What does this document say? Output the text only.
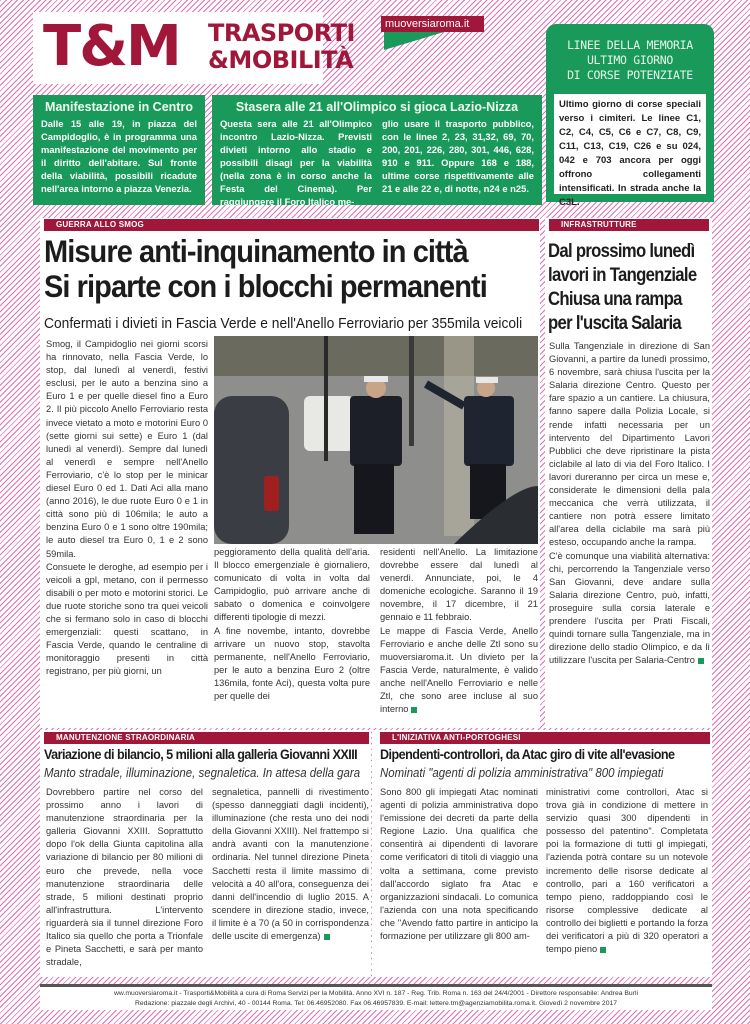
T&M TRASPORTI
&MOBILITÀ
muoversiaroma.it
LINEE DELLA MEMORIA
ULTIMO GIORNO
DI CORSE POTENZIATE
Ultimo giorno di corse speciali verso i cimiteri. Le linee C1, C2, C4, C5, C6 e C7, C8, C9, C11, C13, C19, C26 e su 024, 042 e 703 ancora per oggi offrono collegamenti intensificati. In strada anche la C3L.
Manifestazione in Centro
Dalle 15 alle 19, in piazza del Campidoglio, è in programma una manifestazione del movimento per il diritto dell'abitare. Sul fronte della viabilità, possibili ricadute nell'area intorno a piazza Venezia.
Stasera alle 21 all'Olimpico si gioca Lazio-Nizza
Questa sera alle 21 all'Olimpico incontro Lazio-Nizza. Previsti divieti intorno allo stadio e possibili disagi per la viabilità (nella zona è in corso anche la Festa del Cinema). Per raggiungere il Foro Italico me-
glio usare il trasporto pubblico, con le linee 2, 23, 31,32, 69, 70, 200, 201, 226, 280, 301, 446, 628, 910 e 911. Oppure 168 e 188, ultime corse rispettivamente alle 21 e alle 22 e, di notte, n24 e n25.
GUERRA ALLO SMOG
Misure anti-inquinamento in città
Si riparte con i blocchi permanenti
Confermati i divieti in Fascia Verde e nell'Anello Ferroviario per 355mila veicoli

Smog, il Campidoglio nei giorni scorsi ha rinnovato, nella Fascia Verde, lo stop, dal lunedì al venerdì, festivi esclusi, per le auto a benzina sino a Euro 1 e per quelle diesel fino a Euro 2. Il più piccolo Anello Ferroviario resta invece vietato a moto e motorini Euro 0 (sette giorni sui sette) e Euro 1 (dal lunedì al venerdì). Sempre dal lunedì al venerdì e sempre nell'Anello Ferroviario, c'è lo stop per le minicar diesel Euro 0 ed 1. Dati Aci alla mano (anno 2016), le due ruote Euro 0 e 1 in città sono più di 106mila; le auto a benzina Euro 0 e 1 sono oltre 190mila; le auto diesel tra Euro 0, 1 e 2 sono 59mila.

Consuete le deroghe, ad esempio per i veicoli a gpl, metano, con il permesso disabili o per moto e motorini storici. Le due ruote storiche sono tra quei veicoli che si fermano solo in caso di blocchi emergenziali: questi scattano, in Fascia Verde, quando le centraline di monitoraggio presenti in città registrano, per più giorni, un

peggioramento della qualità dell'aria. Il blocco emergenziale è giornaliero, comunicato di volta in volta dal Campidoglio, può arrivare anche di sabato o domenica e coinvolgere differenti tipologie di mezzi.

A fine novembe, intanto, dovrebbe arrivare un nuovo stop, stavolta permanente, nell'Anello Ferroviario, per le auto a benzina Euro 2 (oltre 136mila, fonte Aci), questa volta pure per quelle dei

residenti nell'Anello. La limitazione dovrebbe essere dal lunedì al venerdì. Annunciate, poi, le 4 domeniche ecologiche. Saranno il 19 novembre, il 17 dicembre, il 21 gennaio e 11 febbraio.

Le mappe di Fascia Verde, Anello Ferroviario e anche delle Ztl sono su muoversiaroma.it. Un divieto per la Fascia Verde, naturalmente, è valido anche nell'Anello Ferroviario e nelle Ztl, che sono aree incluse al suo interno

INFRASTRUTTURE
Dal prossimo lunedì
lavori in Tangenziale
Chiusa una rampa
per l'uscita Salaria

Sulla Tangenziale in direzione di San Giovanni, a partire da lunedì prossimo, 6 novembre, sarà chiusa l'uscita per la Salaria direzione Centro. Questo per fare spazio a un cantiere. La chiusura, fanno sapere dalla Polizia Locale, si rende infatti necessaria per un intervento del Dipartimento Lavori Pubblici che deve ripristinare la pista ciclabile al lato di via del Foro Italico. I lavori dureranno per circa un mese e, considerate le dimensioni della pala meccanica che verrà utilizzata, il cantiere non potrà essere limitato all'area della ciclabile ma sarà più esteso, occupando anche la rampa.

C'è comunque una viabilità alternativa: chi, percorrendo la Tangenziale verso San Giovanni, deve andare sulla Salaria direzione Centro, può, infatti, proseguire sulla corsia laterale e prendere l'uscita per Prati Fiscali, quindi tornare sulla Tangenziale, ma in direzione dello stadio Olimpico, e da lì utilizzare l'uscita per Salaria-Centro

MANUTENZIONE STRAORDINARIA
Variazione di bilancio, 5 milioni alla galleria Giovanni XXIII
Manto stradale, illuminazione, segnaletica. In attesa della gara
Dovrebbero partire nel corso del prossimo anno i lavori di manutenzione straordinaria per la galleria Giovanni XXIII. Soprattutto dopo l'ok della Giunta capitolina alla variazione di bilancio per 80 milioni di euro che prevede, nella voce manutenzione straordinaria delle strade, 5 milioni destinati proprio all'infrastruttura. L'intervento riguarderà sia il tunnel direzione Foro Italico sia quello che porta a Trionfale e Pineta Sacchetti, e sarà per manto stradale,
segnaletica, pannelli di rivestimento (spesso danneggiati dagli incidenti), illuminazione (che resta uno dei nodi della Giovanni XXIII). Nel frattempo si andrà avanti con la manutenzione ordinaria. Nel tunnel direzione Pineta Sacchetti resta il limite massimo di velocità a 40 all'ora, conseguenza dei danni dell'incendio di luglio 2015. A scendere in direzione stadio, invece, il limite è a 70 (a 50 in corrispondenza delle uscite di emergenza)
L'INIZIATIVA ANTI-PORTOGHESI
Dipendenti-controllori, da Atac giro di vite all'evasione
Nominati "agenti di polizia amministrativa" 800 impiegati
Sono 800 gli impiegati Atac nominati agenti di polizia amministrativa dopo l'emissione dei decreti da parte della Regione Lazio. Una qualifica che consentirà ai dipendenti di lavorare come verificatori di titoli di viaggio una volta a settimana, come previsto dall'accordo siglato fra Atac e organizzazioni sindacali. Lo comunica l'azienda con una nota specificando che "Avendo fatto partire in anticipo la formazione per utilizzare gli 800 am-
ministrativi come controllori, Atac si trova già in condizione di mettere in servizio quasi 300 dipendenti in possesso del patentino". Completata poi la formazione di tutti gl impiegati, l'azienda potrà contare su un notevole incremento delle risorse dedicate al controllo, pari a 160 verificatori a tempo pieno, raddoppiando così le risorse complessive dedicate al controllo dei biglietti e portando la forza dei verificatori a più di 320 operatori a tempo pieno
ww.muoversiaroma.it - Trasporti&Mobilità a cura di Roma Servizi per la Mobilità. Anno XVI n. 187 - Reg. Trib. Roma n. 163 del 24/4/2001 - Direttore responsabile: Andrea Burli
Redazione: piazzale degli Archivi, 40 - 00144 Roma. Tel: 06.46952080. Fax 06.46957839. E-mail: lettere.tm@agenziamobilita.roma.it. Giovedì 2 novembre 2017
